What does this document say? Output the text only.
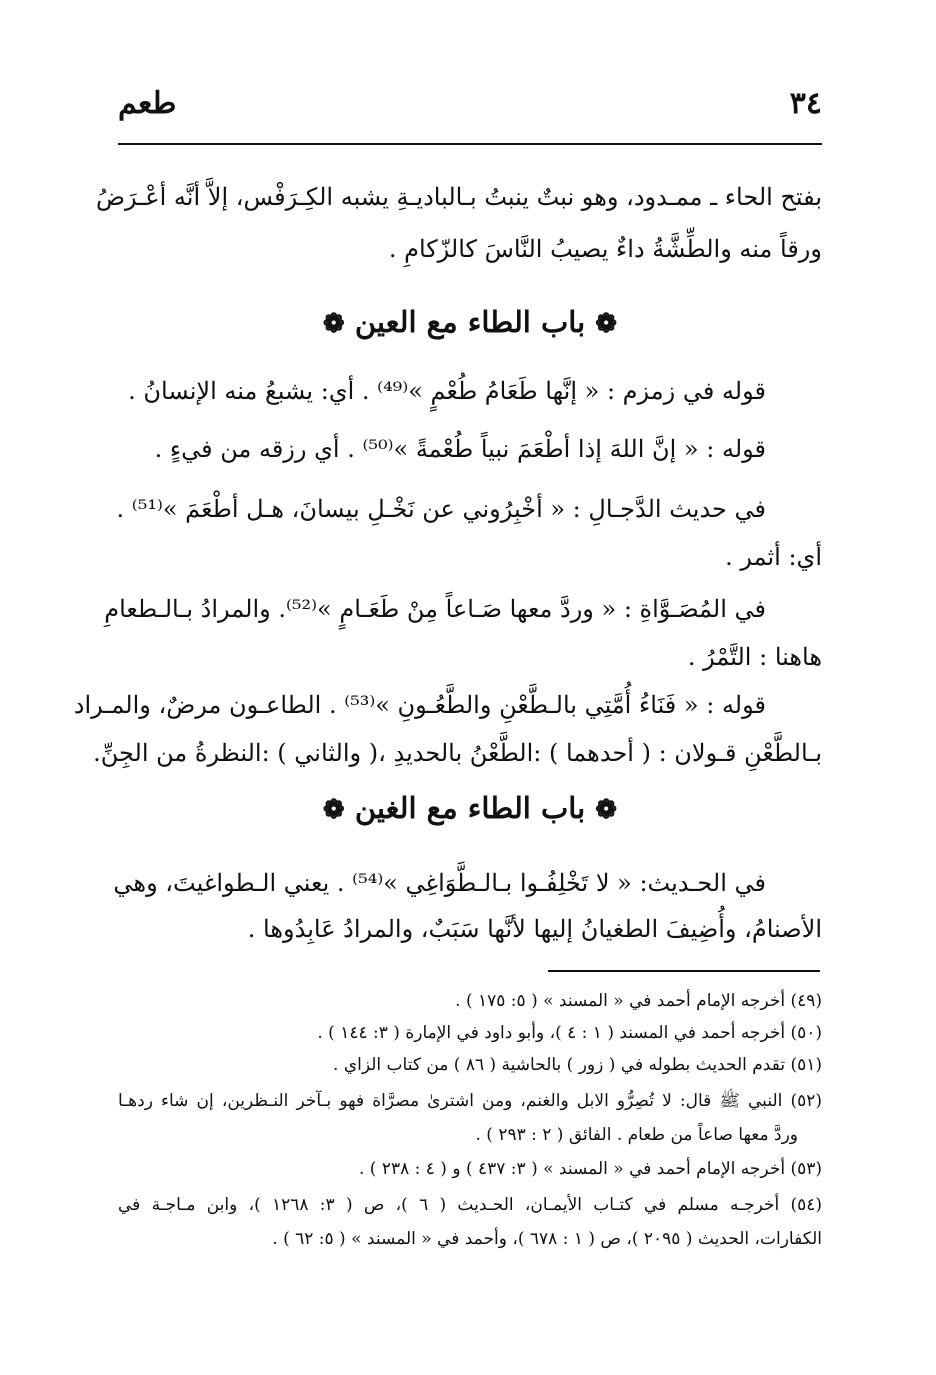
٣٤
طعم
بفتح الحاء ـ ممـدود، وهو نبتٌ ينبتُ بـالباديـةِ يشبه الكِـرَفْس، إلاَّ أنَّه أعْـرَضُ
ورقاً منه والطِّشَّةُ داءٌ يصيبُ النَّاسَ كالزّكامِ .
قوله في زمزم : « إنَّها طَعَامُ طُعْمٍ »⁽⁴⁹⁾ . أي: يشبعُ منه الإنسانُ .
قوله : « إنَّ اللهَ إذا أطْعَمَ نبياً طُعْمةً »⁽⁵⁰⁾ . أي رزقه من فيءٍ .
في حديث الدَّجـالِ : « أخْبِرُوني عن نَخْـلِ بيسانَ، هـل أطْعَمَ »⁽⁵¹⁾ .
أي: أثمر .
في المُصَـوَّاةِ : « وردَّ معها صَـاعاً مِنْ طَعَـامٍ »⁽⁵²⁾. والمرادُ بـالـطعامِ
هاهنا : التَّمْرُ .
قوله : « فَنَاءُ أُمَّتِي بالـطَّعْنِ والطَّعُـونِ »⁽⁵³⁾ . الطاعـون مرضٌ، والمـراد
بـالطَّعْنِ قـولان : ( أحدهما ) :الطَّعْنُ بالحديدِ ،( والثاني ) :النظرةُ من الجِنِّ.
في الحـديث: « لا تَخْلِفُـوا بـالـطَّوَاغِي »⁽⁵⁴⁾ . يعني الـطواغيتَ، وهي
الأصنامُ، وأُضِيفَ الطغيانُ إليها لأنَّها سَبَبٌ، والمرادُ عَابِدُوها .
❁ باب الطاء مع العين ❁
❁ باب الطاء مع الغين ❁
(٤٩) أخرجه الإمام أحمد في « المسند » ( ٥: ١٧٥ ) .
(٥٠) أخرجه أحمد في المسند ( ١ : ٤ )، وأبو داود في الإمارة ( ٣: ١٤٤ ) .
(٥١) تقدم الحديث بطوله في ( زور ) بالحاشية ( ٨٦ ) من كتاب الزاي .
(٥٢) النبي ﷺ قال: لا تُصِرُّو الابل والغنم، ومن اشترىٰ مصرَّاة فهو بـآخر النـظرين، إن شاء ردهـا
وردَّ معها صاعاً من طعام . الفائق ( ٢ : ٢٩٣ ) .
(٥٣) أخرجه الإمام أحمد في « المسند » ( ٣: ٤٣٧ ) و ( ٤ : ٢٣٨ ) .
(٥٤) أخرجـه مسلم في كتـاب الأيمـان، الحـديث ( ٦ )، ص ( ٣: ١٢٦٨ )، وابن مـاجـة في
الكفارات، الحديث ( ٢٠٩٥ )، ص ( ١ : ٦٧٨ )، وأحمد في « المسند » ( ٥: ٦٢ ) .
